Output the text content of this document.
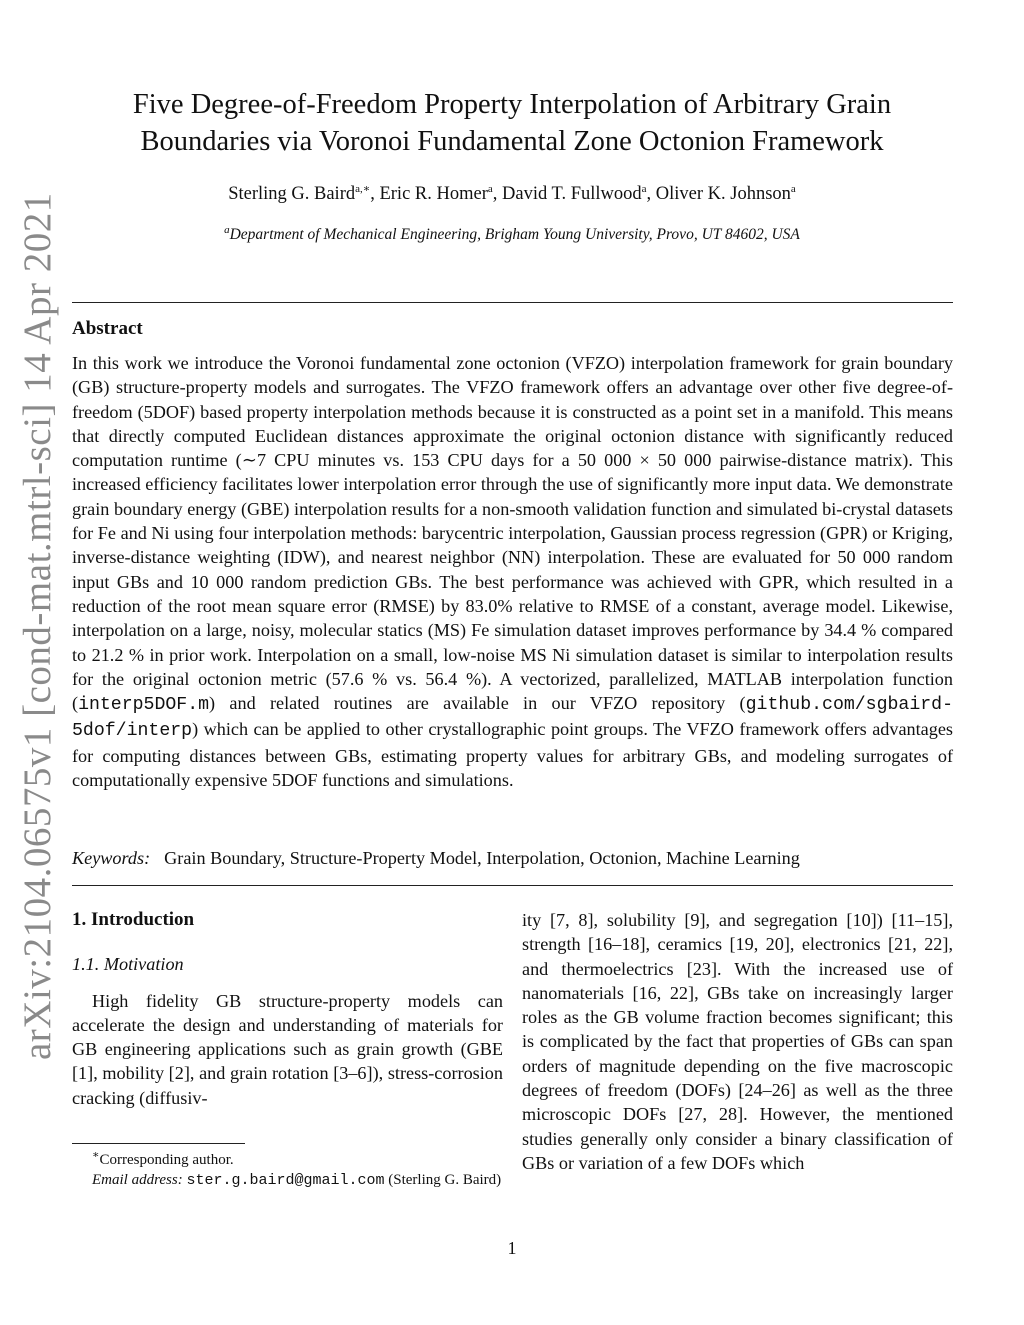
arXiv:2104.06575v1 [cond-mat.mtrl-sci] 14 Apr 2021
Five Degree-of-Freedom Property Interpolation of Arbitrary Grain
Boundaries via Voronoi Fundamental Zone Octonion Framework
Sterling G. Baird$^{a,∗}$, Eric R. Homer$^a$, David T. Fullwood$^a$, Oliver K. Johnson$^a$
$^a$Department of Mechanical Engineering, Brigham Young University, Provo, UT 84602, USA
Abstract

In this work we introduce the Voronoi fundamental zone octonion (VFZO) interpolation framework for grain boundary (GB) structure-property models and surrogates. The VFZO framework offers an advantage over other five degree-of-freedom (5DOF) based property interpolation methods because it is constructed as a point set in a manifold. This means that directly computed Euclidean distances approximate the original octonion distance with significantly reduced computation runtime (∼7 CPU minutes vs. 153 CPU days for a 50 000 × 50 000 pairwise-distance matrix). This increased efficiency facilitates lower interpolation error through the use of significantly more input data. We demonstrate grain boundary energy (GBE) interpolation results for a non-smooth validation function and simulated bi-crystal datasets for Fe and Ni using four interpolation methods: barycentric interpolation, Gaussian process regression (GPR) or Kriging, inverse-distance weighting (IDW), and nearest neighbor (NN) interpolation. These are evaluated for 50 000 random input GBs and 10 000 random prediction GBs. The best performance was achieved with GPR, which resulted in a reduction of the root mean square error (RMSE) by 83.0% relative to RMSE of a constant, average model. Likewise, interpolation on a large, noisy, molecular statics (MS) Fe simulation dataset improves performance by 34.4 % compared to 21.2 % in prior work. Interpolation on a small, low-noise MS Ni simulation dataset is similar to interpolation results for the original octonion metric (57.6 % vs. 56.4 %). A vectorized, parallelized, MATLAB interpolation function (interp5DOF.m) and related routines are available in our VFZO repository (github.com/sgbaird-5dof/interp) which can be applied to other crystallographic point groups. The VFZO framework offers advantages for computing distances between GBs, estimating property values for arbitrary GBs, and modeling surrogates of computationally expensive 5DOF functions and simulations.

Keywords: Grain Boundary, Structure-Property Model, Interpolation, Octonion, Machine Learning
1. Introduction
1.1. Motivation

High fidelity GB structure-property models can accelerate the design and understanding of materials for GB engineering applications such as grain growth (GBE [1], mobility [2], and grain rotation [3–6]), stress-corrosion cracking (diffusiv-

ity [7, 8], solubility [9], and segregation [10]) [11–15], strength [16–18], ceramics [19, 20], electronics [21, 22], and thermoelectrics [23]. With the increased use of nanomaterials [16, 22], GBs take on increasingly larger roles as the GB volume fraction becomes significant; this is complicated by the fact that properties of GBs can span orders of magnitude depending on the five macroscopic degrees of freedom (DOFs) [24–26] as well as the three microscopic DOFs [27, 28]. However, the mentioned studies generally only consider a binary classification of GBs or variation of a few DOFs which

∗Corresponding author.

Email address: ster.g.baird@gmail.com (Sterling G. Baird)

1
